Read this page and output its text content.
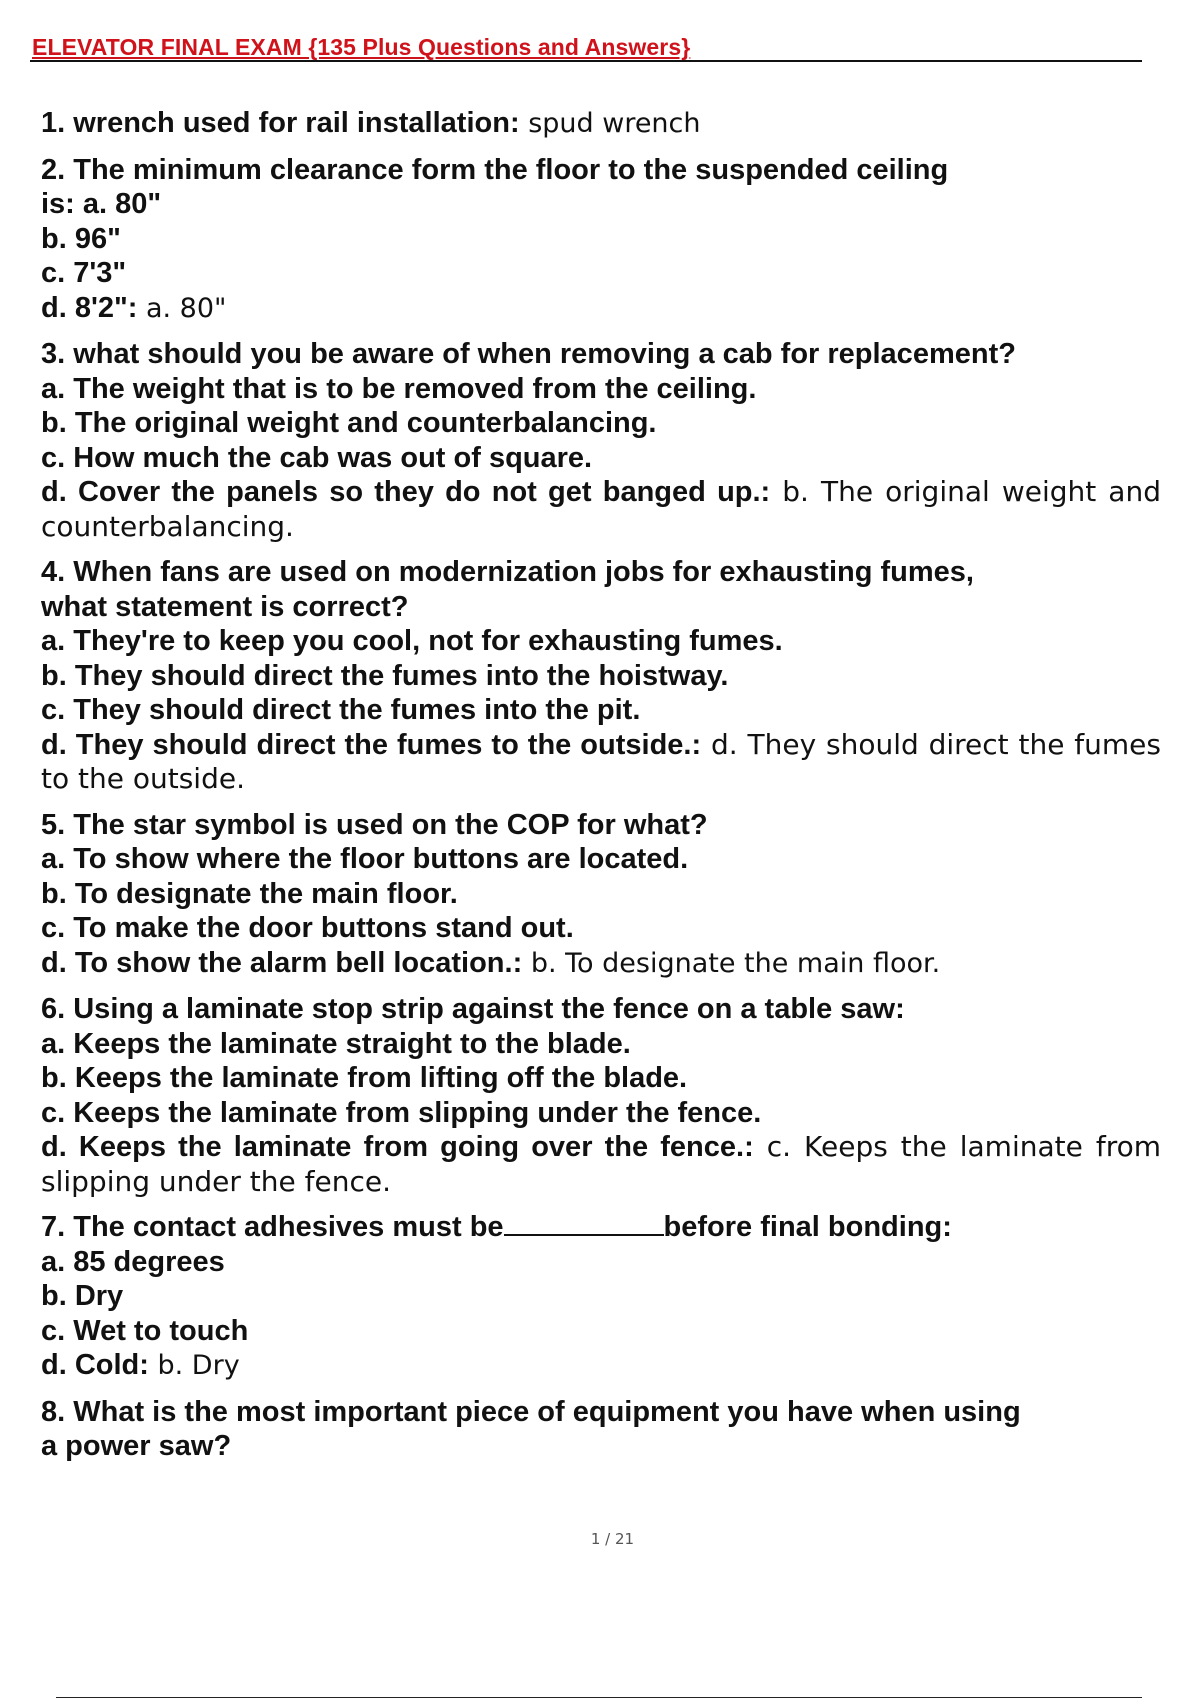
ELEVATOR FINAL EXAM {135 Plus Questions and Answers}
1. wrench used for rail installation: spud wrench
2. The minimum clearance form the floor to the suspended ceiling
is: a. 80"
b. 96"
c. 7'3"
d. 8'2": a. 80"
3. what should you be aware of when removing a cab for replacement?
a. The weight that is to be removed from the ceiling.
b. The original weight and counterbalancing.
c. How much the cab was out of square.
d. Cover the panels so they do not get banged up.: b. The original weight and counterbalancing.
4. When fans are used on modernization jobs for exhausting fumes,
what statement is correct?
a. They're to keep you cool, not for exhausting fumes.
b. They should direct the fumes into the hoistway.
c. They should direct the fumes into the pit.
d. They should direct the fumes to the outside.: d. They should direct the fumes to the outside.
5. The star symbol is used on the COP for what?
a. To show where the floor buttons are located.
b. To designate the main floor.
c. To make the door buttons stand out.
d. To show the alarm bell location.: b. To designate the main floor.
6. Using a laminate stop strip against the fence on a table saw:
a. Keeps the laminate straight to the blade.
b. Keeps the laminate from lifting off the blade.
c. Keeps the laminate from slipping under the fence.
d. Keeps the laminate from going over the fence.: c. Keeps the laminate from slipping under the fence.
7. The contact adhesives must be	before final bonding:
a. 85 degrees
b. Dry
c. Wet to touch
d. Cold: b. Dry
8. What is the most important piece of equipment you have when using
a power saw?
1 / 21
